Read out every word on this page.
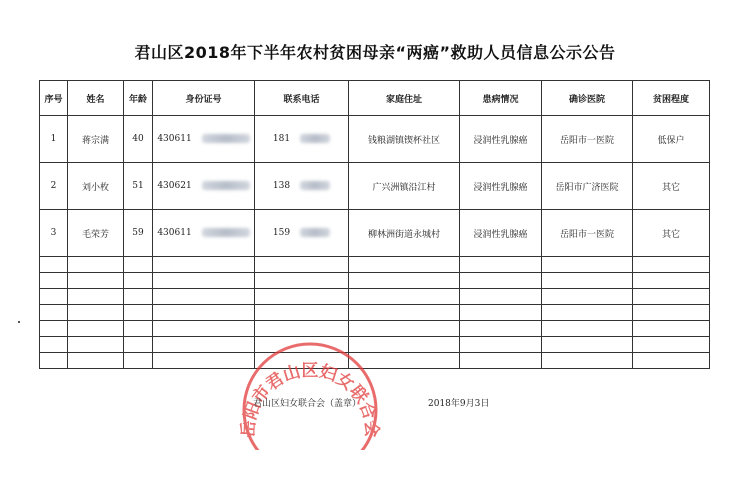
君山区2018年下半年农村贫困母亲“两癌”救助人员信息公示公告
序号	姓名	年龄	身份证号	联系电话	家庭住址	患病情况	确诊医院	贫困程度
1	蒋宗满	40	430611	181	钱粮湖镇锲杯社区	浸润性乳腺癌	岳阳市一医院	低保户
2	刘小枚	51	430621	138	广兴洲镇沿江村	浸润性乳腺癌	岳阳市广济医院	其它
3	毛荣芳	59	430611	159	柳林洲街道永城村	浸润性乳腺癌	岳阳市一医院	其它

岳阳市君山区妇女联合会
君山区妇女联合会（盖章）	2018年9月3日
